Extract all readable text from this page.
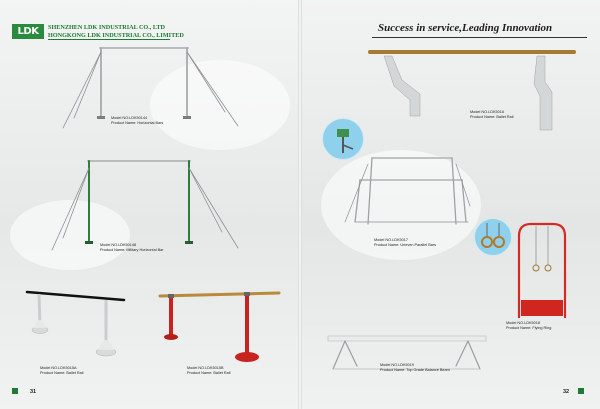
LDK	SHENZHEN LDK INDUSTRIAL CO., LTD
HONGKONG LDK INDUSTRIAL CO., LIMITED
Success in service,Leading Innovation
Model NO:LDK50144
Product Name: Horizontal Bars
Model NO.LDK50148
Product Name: Military Horizontal Bar
Model NO.LDK5015A
Product Name: Ballet Rail
Model NO.LDK5015B
Product Name: Ballet Rail
Model NO.LDK5016
Product Name: Ballet Rail
Model NO.LDK5017
Product Name: Uneven Parallel Bars
Model NO.LDK5018
Product Name: Flying Ring
Model NO.LDK5019
Product Name: Top Grade Balance Beam
31	32
